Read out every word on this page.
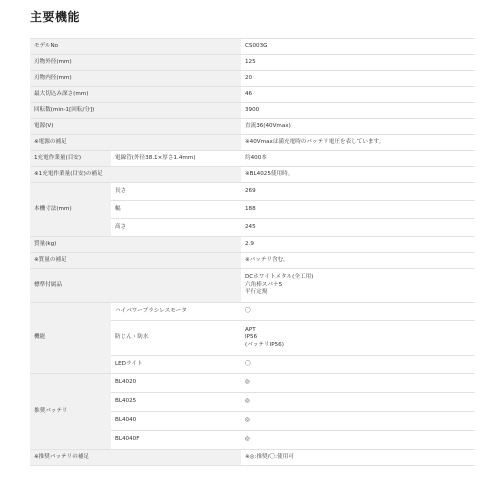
主要機能
モデルNo		CS003G
刃物外径(mm)		125
刃物内径(mm)		20
最大切込み深さ(mm)		46
回転数(min-1[回転/分])		3900
電源(V)		直流36(40Vmax)
※電源の補足		※40Vmaxは満充電時のバッテリ電圧を表しています。
1充電作業量(目安)	電線管(外径38.1×厚さ1.4mm)	約400本
※1充電作業量(目安)の補足		※BL4025使用時。
本機寸法(mm)	長さ	269
	幅	188
	高さ	245
質量(kg)		2.9
※質量の補足		※バッテリ含む。
標準付属品		DCホワイトメタル(全工用)
六角棒スパナ5
平行定規

機能	ハイパワーブラシレスモータ	〇
	防じん・防水	APT
IP56
(バッテリIP56)

	LEDライト	〇
推奨バッテリ	BL4020	◎
	BL4025	◎
	BL4040	◎
	BL4040F	◎
※推奨バッテリの補足		※◎:推奨/〇:使用可
